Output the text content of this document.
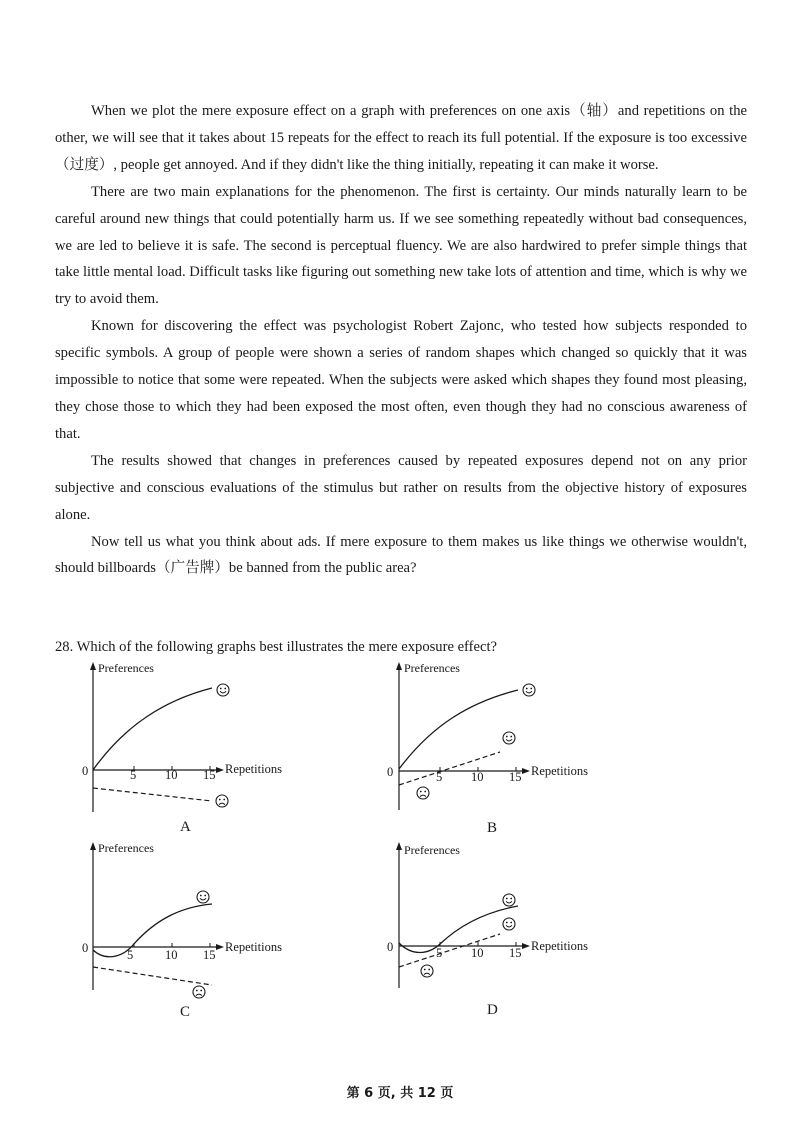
When we plot the mere exposure effect on a graph with preferences on one axis（轴）and repetitions on the other, we will see that it takes about 15 repeats for the effect to reach its full potential. If the exposure is too excessive（过度）, people get annoyed. And if they didn't like the thing initially, repeating it can make it worse.

There are two main explanations for the phenomenon. The first is certainty. Our minds naturally learn to be careful around new things that could potentially harm us. If we see something repeatedly without bad consequences, we are led to believe it is safe. The second is perceptual fluency. We are also hardwired to prefer simple things that take little mental load. Difficult tasks like figuring out something new take lots of attention and time, which is why we try to avoid them.

Known for discovering the effect was psychologist Robert Zajonc, who tested how subjects responded to specific symbols. A group of people were shown a series of random shapes which changed so quickly that it was impossible to notice that some were repeated. When the subjects were asked which shapes they found most pleasing, they chose those to which they had been exposed the most often, even though they had no conscious awareness of that.

The results showed that changes in preferences caused by repeated exposures depend not on any prior subjective and conscious evaluations of the stimulus but rather on results from the objective history of exposures alone.

Now tell us what you think about ads. If mere exposure to them makes us like things we otherwise wouldn't, should billboards（广告牌）be banned from the public area?

28. Which of the following graphs best illustrates the mere exposure effect?

Preferences
0	5 10 15 Repetitions
A
Preferences
0	5 10 15 Repetitions
B
Preferences
0	5	10 15
Repetitions
C
Preferences
0	5 10 15 Repetitions
D
第 6 页, 共 12 页
